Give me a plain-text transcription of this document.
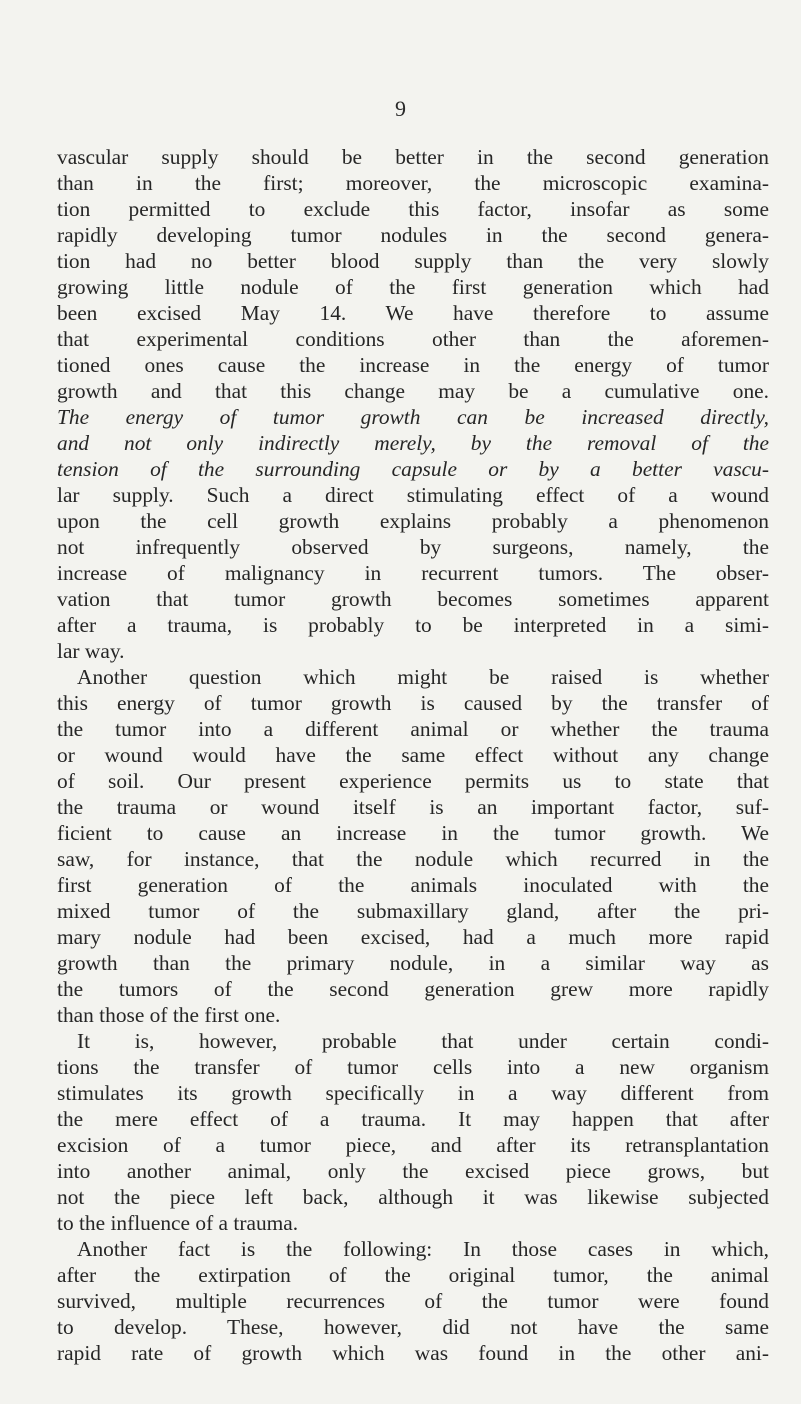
9
vascular supply should be better in the second generation
than in the first; moreover, the microscopic examina-
tion permitted to exclude this factor, insofar as some
rapidly developing tumor nodules in the second genera-
tion had no better blood supply than the very slowly
growing little nodule of the first generation which had
been excised May 14. We have therefore to assume
that experimental conditions other than the aforemen-
tioned ones cause the increase in the energy of tumor
growth and that this change may be a cumulative one.
The energy of tumor growth can be increased directly,
and not only indirectly merely, by the removal of the
tension of the surrounding capsule or by a better vascu-
lar supply. Such a direct stimulating effect of a wound
upon the cell growth explains probably a phenomenon
not infrequently observed by surgeons, namely, the
increase of malignancy in recurrent tumors. The obser-
vation that tumor growth becomes sometimes apparent
after a trauma, is probably to be interpreted in a simi-
lar way.
Another question which might be raised is whether
this energy of tumor growth is caused by the transfer of
the tumor into a different animal or whether the trauma
or wound would have the same effect without any change
of soil. Our present experience permits us to state that
the trauma or wound itself is an important factor, suf-
ficient to cause an increase in the tumor growth. We
saw, for instance, that the nodule which recurred in the
first generation of the animals inoculated with the
mixed tumor of the submaxillary gland, after the pri-
mary nodule had been excised, had a much more rapid
growth than the primary nodule, in a similar way as
the tumors of the second generation grew more rapidly
than those of the first one.
It is, however, probable that under certain condi-
tions the transfer of tumor cells into a new organism
stimulates its growth specifically in a way different from
the mere effect of a trauma. It may happen that after
excision of a tumor piece, and after its retransplantation
into another animal, only the excised piece grows, but
not the piece left back, although it was likewise subjected
to the influence of a trauma.
Another fact is the following: In those cases in which,
after the extirpation of the original tumor, the animal
survived, multiple recurrences of the tumor were found
to develop. These, however, did not have the same
rapid rate of growth which was found in the other ani-
